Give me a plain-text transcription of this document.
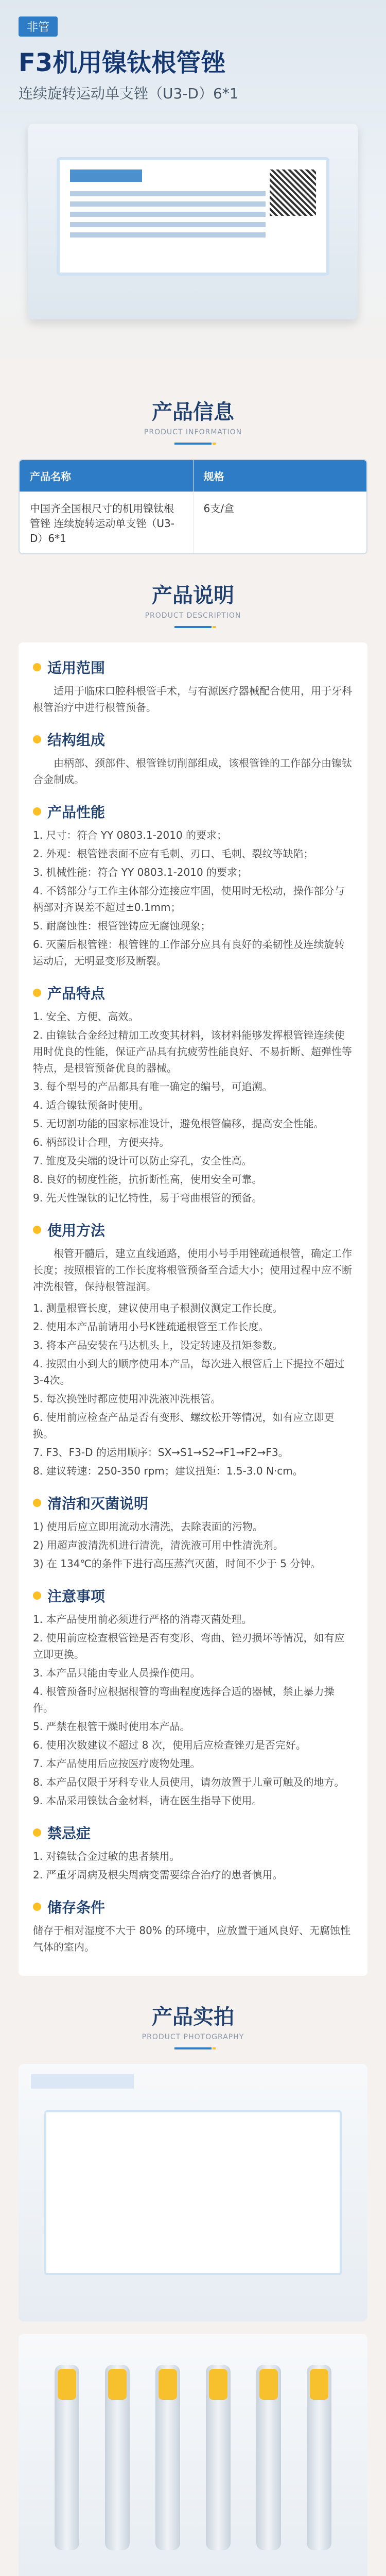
非管
F3机用镍钛根管锉
连续旋转运动单支锉（U3-D）6*1
产品信息
PRODUCT INFORMATION
产品名称	规格
中国齐全国根尺寸的机用镍钛根管锉 连续旋转运动单支锉（U3-D）6*1
6支/盒
产品说明
PRODUCT DESCRIPTION
适用范围

适用于临床口腔科根管手术，与有源医疗器械配合使用，用于牙科根管治疗中进行根管预备。

结构组成

由柄部、颈部件、根管锉切削部组成，该根管锉的工作部分由镍钛合金制成。

产品性能

1. 尺寸：符合 YY 0803.1-2010 的要求；

2. 外观：根管锉表面不应有毛刺、刃口、毛刺、裂纹等缺陷；

3. 机械性能：符合 YY 0803.1-2010 的要求；

4. 不锈部分与工作主体部分连接应牢固，使用时无松动，操作部分与柄部对齐误差不超过±0.1mm；

5. 耐腐蚀性：根管锉铸应无腐蚀现象；

6. 灭菌后根管锉：根管锉的工作部分应具有良好的柔韧性及连续旋转运动后，无明显变形及断裂。

产品特点

1. 安全、方便、高效。

2. 由镍钛合金经过精加工改变其材料，该材料能够发挥根管锉连续使用时优良的性能，保证产品具有抗疲劳性能良好、不易折断、超弹性等特点，是根管预备优良的器械。

3. 每个型号的产品都具有唯一确定的编号，可追溯。

4. 适合镍钛预备时使用。

5. 无切割功能的国家标准设计，避免根管偏移，提高安全性能。

6. 柄部设计合理，方便夹持。

7. 锥度及尖端的设计可以防止穿孔，安全性高。

8. 良好的韧度性能，抗折断性高，使用安全可靠。

9. 先天性镍钛的记忆特性，易于弯曲根管的预备。

使用方法

根管开髓后，建立直线通路，使用小号手用锉疏通根管，确定工作长度；按照根管的工作长度将根管预备至合适大小；使用过程中应不断冲洗根管，保持根管湿润。

1. 测量根管长度，建议使用电子根测仪测定工作长度。

2. 使用本产品前请用小号K锉疏通根管至工作长度。

3. 将本产品安装在马达机头上，设定转速及扭矩参数。

4. 按照由小到大的顺序使用本产品，每次进入根管后上下提拉不超过3-4次。

5. 每次换锉时都应使用冲洗液冲洗根管。

6. 使用前应检查产品是否有变形、螺纹松开等情况，如有应立即更换。

7. F3、F3-D 的运用顺序：SX→S1→S2→F1→F2→F3。

8. 建议转速：250-350 rpm；建议扭矩：1.5-3.0 N·cm。

清洁和灭菌说明

1) 使用后应立即用流动水清洗，去除表面的污物。

2) 用超声波清洗机进行清洗，清洗液可用中性清洗剂。

3) 在 134℃的条件下进行高压蒸汽灭菌，时间不少于 5 分钟。

注意事项

1. 本产品使用前必须进行严格的消毒灭菌处理。

2. 使用前应检查根管锉是否有变形、弯曲、锉刃损坏等情况，如有应立即更换。

3. 本产品只能由专业人员操作使用。

4. 根管预备时应根据根管的弯曲程度选择合适的器械，禁止暴力操作。

5. 严禁在根管干燥时使用本产品。

6. 使用次数建议不超过 8 次，使用后应检查锉刃是否完好。

7. 本产品使用后应按医疗废物处理。

8. 本产品仅限于牙科专业人员使用，请勿放置于儿童可触及的地方。

9. 本品采用镍钛合金材料，请在医生指导下使用。

禁忌症

1. 对镍钛合金过敏的患者禁用。

2. 严重牙周病及根尖周病变需要综合治疗的患者慎用。

储存条件

储存于相对湿度不大于 80% 的环境中，应放置于通风良好、无腐蚀性气体的室内。

产品实拍
PRODUCT PHOTOGRAPHY
